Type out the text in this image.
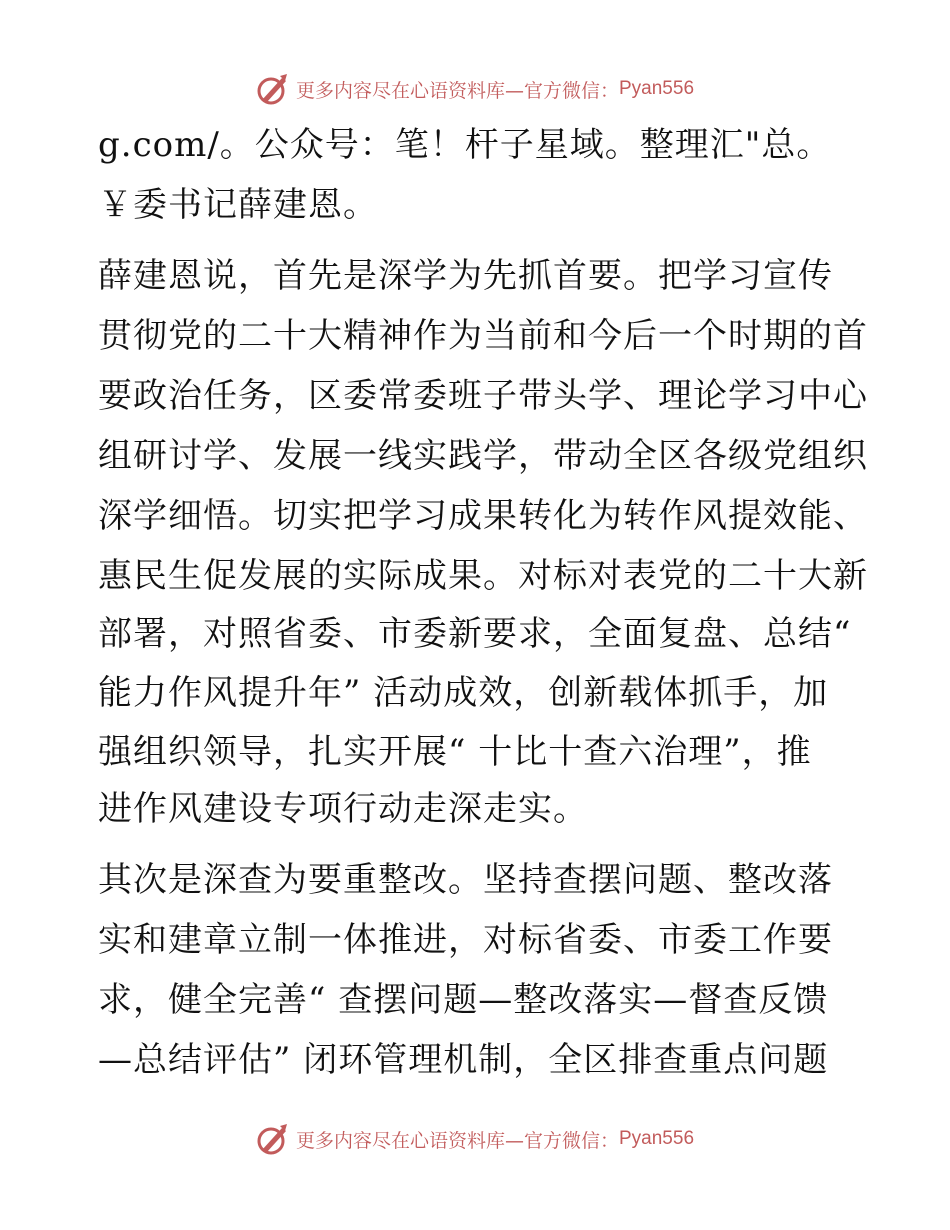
更多内容尽在心语资料库—官方微信： Pyan556
g.com/。公众号：笔！杆子星域。整理汇"总。
￥委书记薛建恩。
薛建恩说，首先是深学为先抓首要。把学习宣传
贯彻党的二十大精神作为当前和今后一个时期的首
要政治任务，区委常委班子带头学、理论学习中心
组研讨学、发展一线实践学，带动全区各级党组织
深学细悟。切实把学习成果转化为转作风提效能、
惠民生促发展的实际成果。对标对表党的二十大新
部署，对照省委、市委新要求，全面复盘、总结“
能力作风提升年” 活动成效，创新载体抓手，加
强组织领导，扎实开展“ 十比十查六治理”，推
进作风建设专项行动走深走实。
其次是深查为要重整改。坚持查摆问题、整改落
实和建章立制一体推进，对标省委、市委工作要
求，健全完善“ 查摆问题—整改落实—督查反馈
—总结评估” 闭环管理机制，全区排查重点问题
更多内容尽在心语资料库—官方微信： Pyan556
